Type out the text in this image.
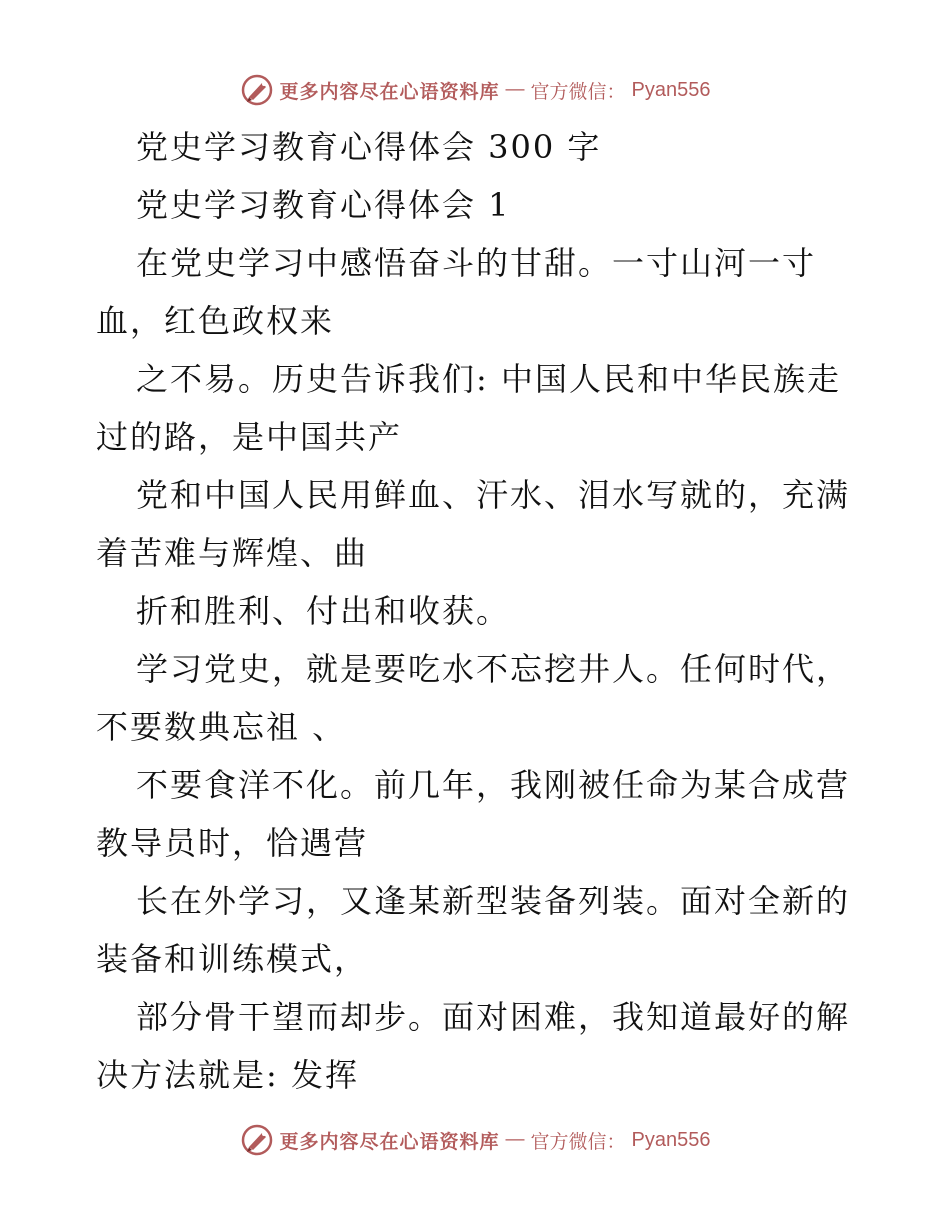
更多内容尽在心语资料库 — 官方微信： Pyan556
党史学习教育心得体会 300 字
党史学习教育心得体会 1
在党史学习中感悟奋斗的甘甜。一寸山河一寸
血，红色政权来
之不易。历史告诉我们: 中国人民和中华民族走
过的路，是中国共产
党和中国人民用鲜血、汗水、泪水写就的，充满
着苦难与辉煌、曲
折和胜利、付出和收获。
学习党史，就是要吃水不忘挖井人。任何时代，
不要数典忘祖 、
不要食洋不化。前几年，我刚被任命为某合成营
教导员时，恰遇营
长在外学习，又逢某新型装备列装。面对全新的
装备和训练模式，
部分骨干望而却步。面对困难，我知道最好的解
决方法就是: 发挥
更多内容尽在心语资料库 — 官方微信： Pyan556
